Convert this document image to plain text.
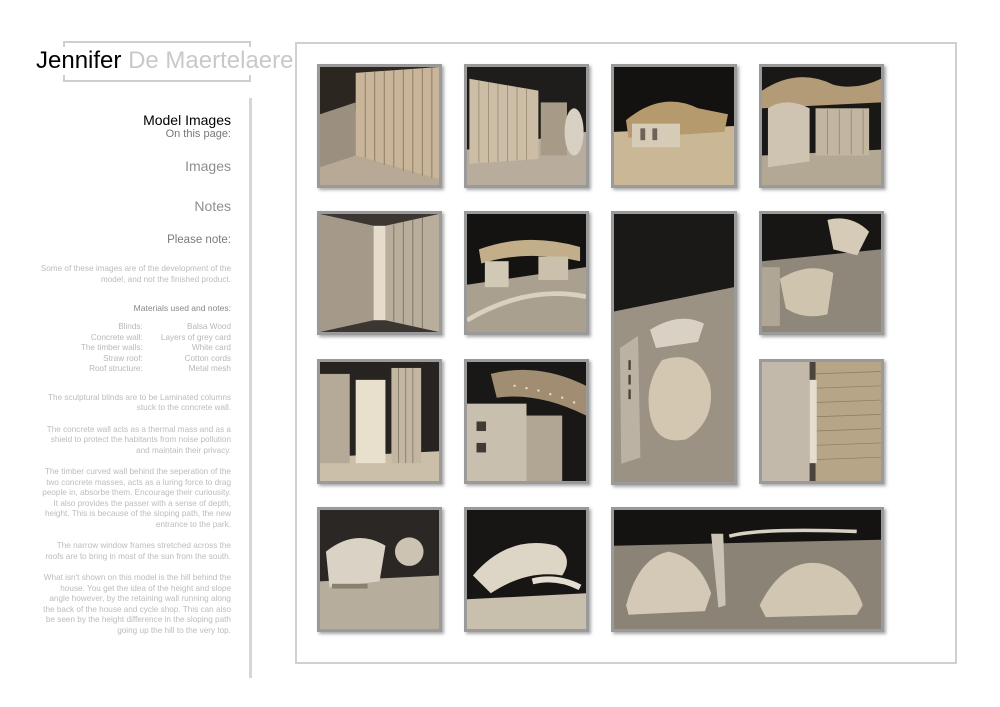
Jennifer De Maertelaere
Model Images
On this page:
Images
Notes
Please note:
Some of these images are of the development of the model, and not the finished product.
Materials used and notes:
Blinds:	Balsa Wood
Concrete wall:	Layers of grey card
The timber walls:	White card
Straw roof:	Cotton cords
Roof structure:	Metal mesh
The sculptural blinds are to be Laminated columns stuck to the concrete wall.
The concrete wall acts as a thermal mass and as a shield to protect the habitants from noise pollution and maintain their privacy.
The timber curved wall behind the seperation of the two concrete masses, acts as a luring force to drag people in, absorbe them. Encourage their curiousity. It also provides the passer with a sense of depth, height. This is because of the sloping path, the new entrance to the park.
The narrow window frames stretched across the roofs are to bring in most of the sun from the south.
What isn't shown on this model is the hill behind the house. You get the idea of the height and slope angle however, by the retaining wall running along the back of the house and cycle shop. This can also be seen by the height difference in the sloping path going up the hill to the very top.
